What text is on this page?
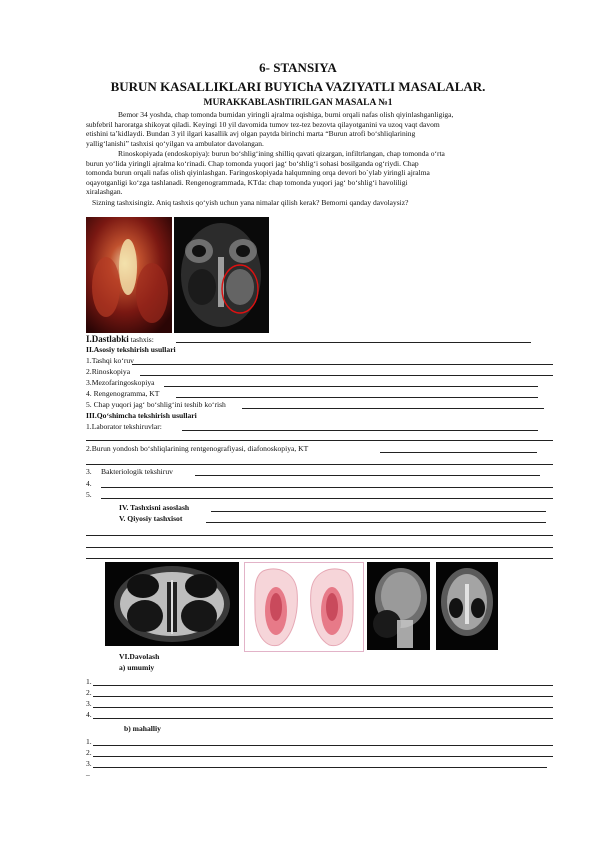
6- STANSIYA
BURUN KASALLIKLARI BUYIChA VAZIYATLI MASALALAR.
MURAKKABLAShTIRILGAN MASALA №1
Bemor 34 yoshda, chap tomonda burnidan yiringli ajralma oqishiga, burni orqali nafas olish qiyinlashganligiga,
subfebril haroratga shikoyat qiladi. Keyingi 10 yil davomida tumov tez-tez bezovta qilayotganini va uzoq vaqt davom
etishini ta’kidlaydi. Bundan 3 yil ilgari kasallik avj olgan paytda birinchi marta “Burun atrofi bo‘shliqlarining
yallig‘lanishi” tashxisi qo‘yilgan va ambulator davolangan.
Rinoskopiyada (endoskopiya): burun bo‘shlig‘ining shilliq qavati qizargan, infiltrlangan, chap tomonda o‘rta
burun yo‘lida yiringli ajralma ko‘rinadi. Chap tomonda yuqori jag‘ bo‘shlig‘i sohasi bosilganda og‘riydi. Chap
tomonda burun orqali nafas olish qiyinlashgan. Faringoskopiyada halqumning orqa devori bo`ylab yiringli ajralma
oqayotganligi ko‘zga tashlanadi. Rengenogrammada, KTda: chap tomonda yuqori jag‘ bo‘shlig‘i havoliligi
xiralashgan.
Sizning tashxisingiz. Aniq tashxis qo‘yish uchun yana nimalar qilish kerak? Bemorni qanday davolaysiz?
I.Dastlabki tashxis:
II.Asosiy tekshirish usullari
1.Tashqi ko‘ruv
2.Rinoskopiya
3.Mezofaringoskopiya
4. Rengenogramma, KT
5. Chap yuqori jag‘ bo‘shlig‘ini teshib ko‘rish
III.Qo‘shimcha tekshirish usullari
1.Laborator tekshiruvlar:
2.Burun yondosh bo‘shliqlarining rentgenografiyasi, diafonoskopiya, KT
3. Bakteriologik tekshiruv
4.
5.
IV. Tashxisni asoslash
V. Qiyosiy tashxisot
VI.Davolash
a) umumiy
1.
2.
3.
4.
b) mahalliy
1.
2.
3.
_
